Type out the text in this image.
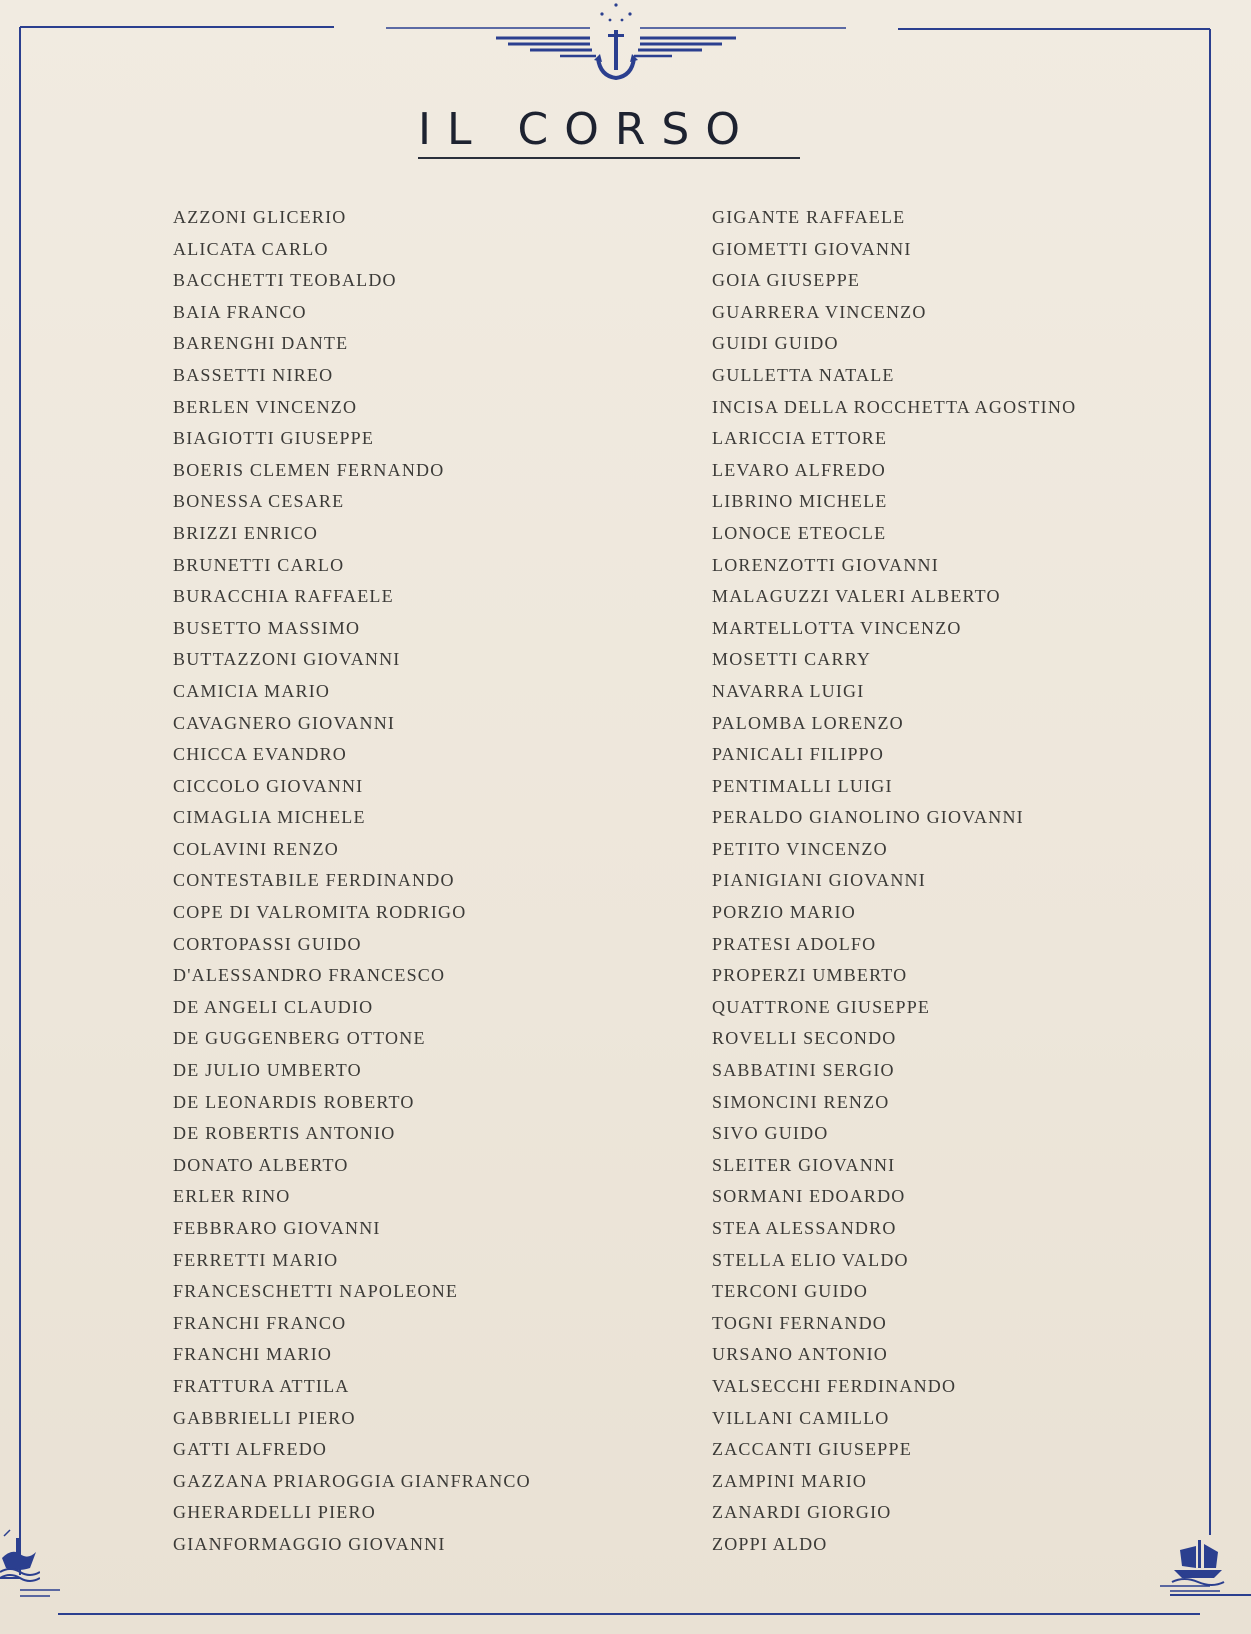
IL CORSO
AZZONI GLICERIO
ALICATA CARLO
BACCHETTI TEOBALDO
BAIA FRANCO
BARENGHI DANTE
BASSETTI NIREO
BERLEN VINCENZO
BIAGIOTTI GIUSEPPE
BOERIS CLEMEN FERNANDO
BONESSA CESARE
BRIZZI ENRICO
BRUNETTI CARLO
BURACCHIA RAFFAELE
BUSETTO MASSIMO
BUTTAZZONI GIOVANNI
CAMICIA MARIO
CAVAGNERO GIOVANNI
CHICCA EVANDRO
CICCOLO GIOVANNI
CIMAGLIA MICHELE
COLAVINI RENZO
CONTESTABILE FERDINANDO
COPE DI VALROMITA RODRIGO
CORTOPASSI GUIDO
D'ALESSANDRO FRANCESCO
DE ANGELI CLAUDIO
DE GUGGENBERG OTTONE
DE JULIO UMBERTO
DE LEONARDIS ROBERTO
DE ROBERTIS ANTONIO
DONATO ALBERTO
ERLER RINO
FEBBRARO GIOVANNI
FERRETTI MARIO
FRANCESCHETTI NAPOLEONE
FRANCHI FRANCO
FRANCHI MARIO
FRATTURA ATTILA
GABBRIELLI PIERO
GATTI ALFREDO
GAZZANA PRIAROGGIA GIANFRANCO
GHERARDELLI PIERO
GIANFORMAGGIO GIOVANNI
GIGANTE RAFFAELE
GIOMETTI GIOVANNI
GOIA GIUSEPPE
GUARRERA VINCENZO
GUIDI GUIDO
GULLETTA NATALE
INCISA DELLA ROCCHETTA AGOSTINO
LARICCIA ETTORE
LEVARO ALFREDO
LIBRINO MICHELE
LONOCE ETEOCLE
LORENZOTTI GIOVANNI
MALAGUZZI VALERI ALBERTO
MARTELLOTTA VINCENZO
MOSETTI CARRY
NAVARRA LUIGI
PALOMBA LORENZO
PANICALI FILIPPO
PENTIMALLI LUIGI
PERALDO GIANOLINO GIOVANNI
PETITO VINCENZO
PIANIGIANI GIOVANNI
PORZIO MARIO
PRATESI ADOLFO
PROPERZI UMBERTO
QUATTRONE GIUSEPPE
ROVELLI SECONDO
SABBATINI SERGIO
SIMONCINI RENZO
SIVO GUIDO
SLEITER GIOVANNI
SORMANI EDOARDO
STEA ALESSANDRO
STELLA ELIO VALDO
TERCONI GUIDO
TOGNI FERNANDO
URSANO ANTONIO
VALSECCHI FERDINANDO
VILLANI CAMILLO
ZACCANTI GIUSEPPE
ZAMPINI MARIO
ZANARDI GIORGIO
ZOPPI ALDO
